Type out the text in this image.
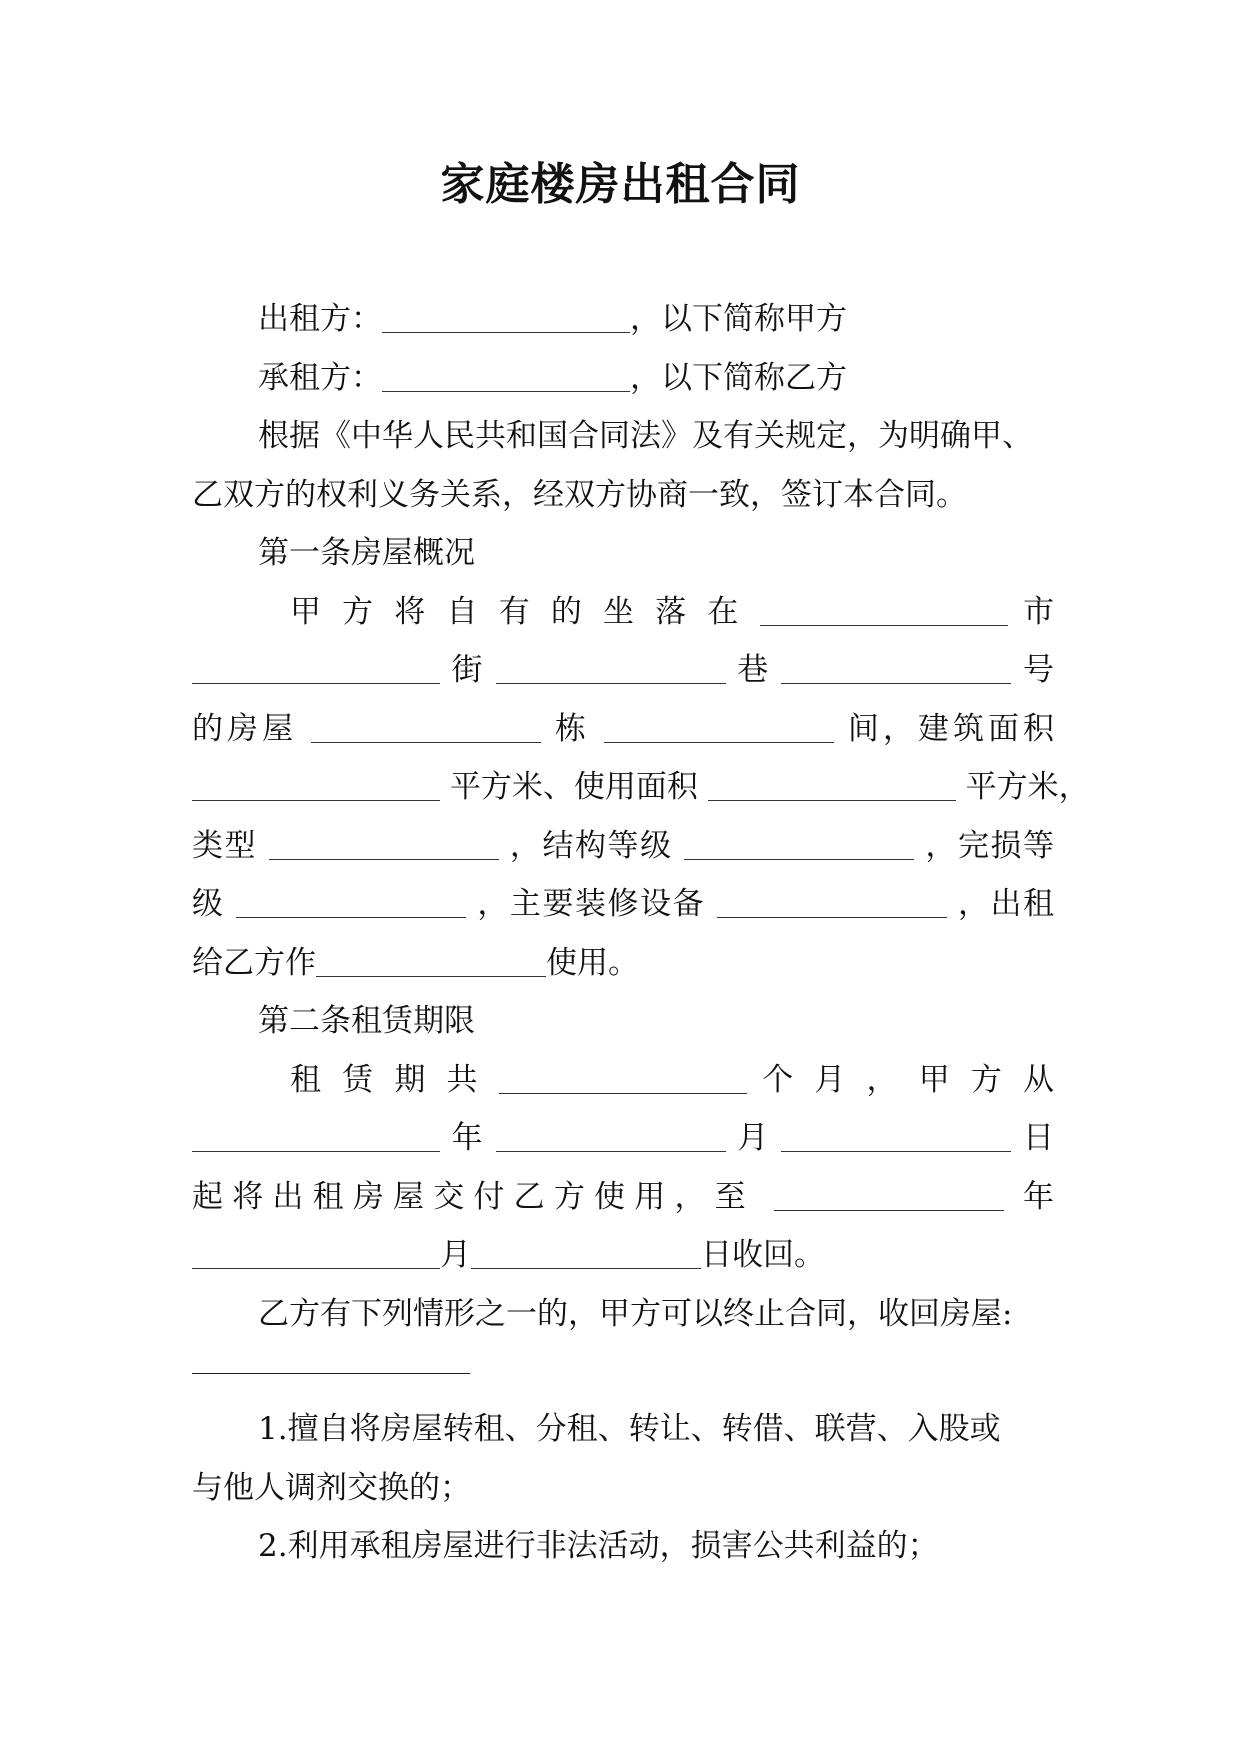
家庭楼房出租合同

出租方：	，以下简称甲方

承租方：	，以下简称乙方

根据《中华人民共和国合同法》及有关规定，为明确甲、

乙双方的权利义务关系，经双方协商一致，签订本合同。

第一条房屋概况

甲 方 将 自 有 的 坐 落 在	市

街	巷	号

的房屋	栋	间，建筑面积

平方米、使用面积	平方米，

类型	，结构等级	，完损等

级	，主要装修设备	，出租

给乙方作	使用。

第二条租赁期限

租 赁 期 共	个 月 ， 甲 方 从

年	月	日

起将出租房屋交付乙方使用，至	年

月	日收回。

乙方有下列情形之一的，甲方可以终止合同，收回房屋:

1.擅自将房屋转租、分租、转让、转借、联营、入股或

与他人调剂交换的；

2.利用承租房屋进行非法活动，损害公共利益的；
